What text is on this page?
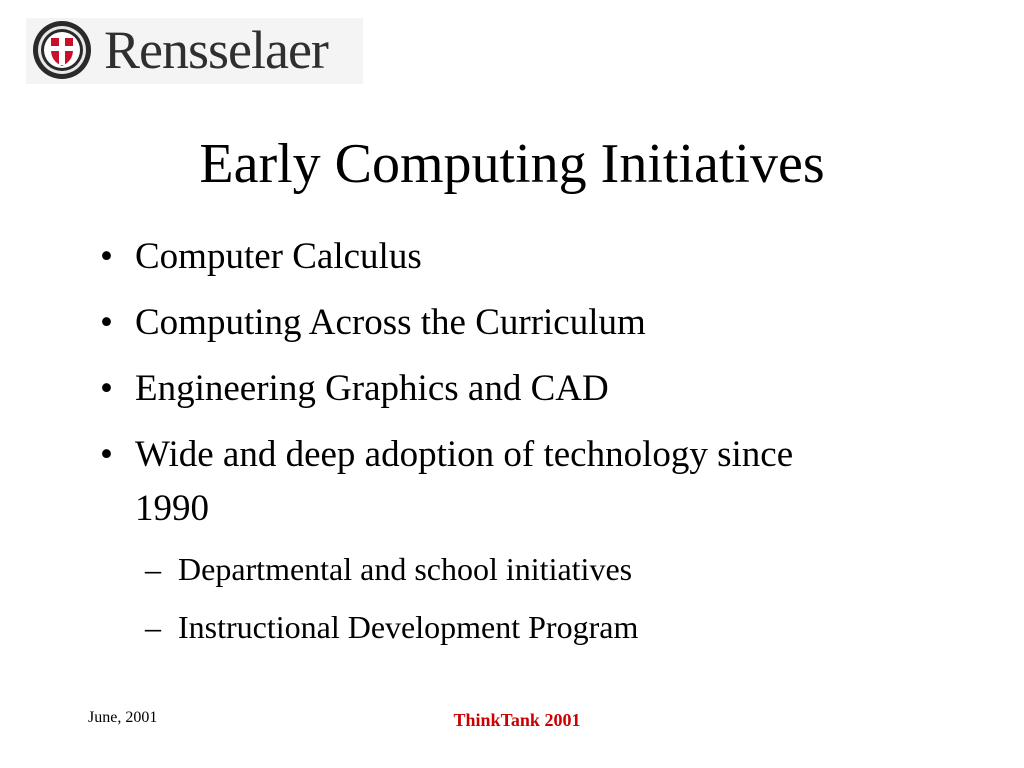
Rensselaer
Early Computing Initiatives
• Computer Calculus
• Computing Across the Curriculum
• Engineering Graphics and CAD
• Wide and deep adoption of technology since
1990
– Departmental and school initiatives
– Instructional Development Program
June, 2001	ThinkTank 2001
